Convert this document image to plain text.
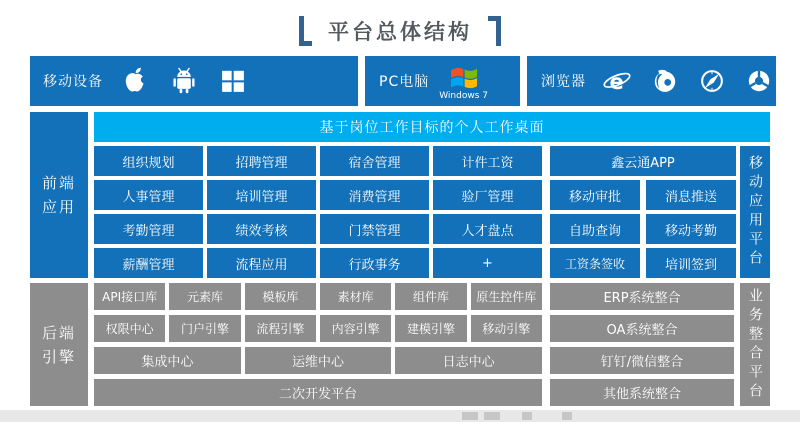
平台总体结构
移动设备	PC电脑
Windows 7
浏览器 e
前端应用
基于岗位工作目标的个人工作桌面
组织规划	招聘管理	宿舍管理	计件工资	鑫云通APP
人事管理	培训管理	消费管理	验厂管理	移动审批	消息推送
考勤管理	绩效考核	门禁管理	人才盘点	自助查询	移动考勤
薪酬管理	流程应用	行政事务	+	工资条签收	培训签到	移动应用平台
后端引擎
API接口库	元素库	模板库	素材库	组件库	原生控件库	ERP系统整合
权限中心	门户引擎	流程引擎	内容引擎	建模引擎	移动引擎	OA系统整合
集成中心	运维中心	日志中心	钉钉/微信整合
二次开发平台	其他系统整合	业务整合平台
